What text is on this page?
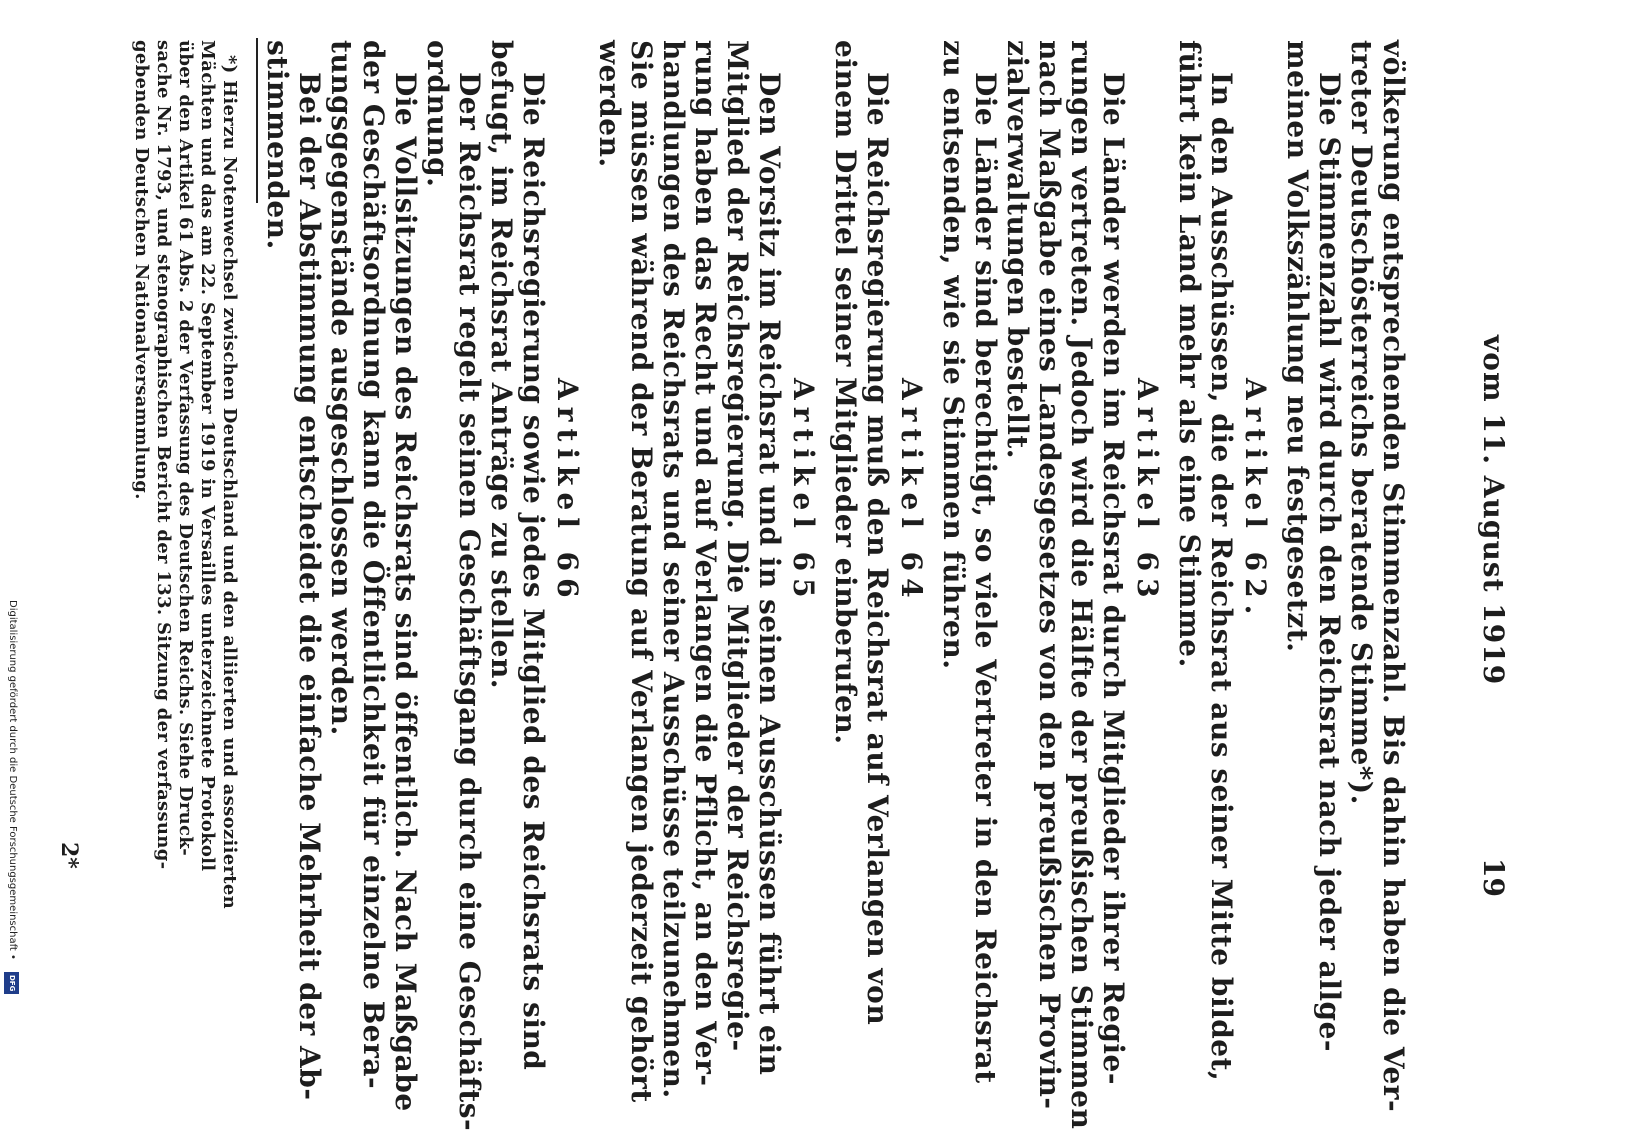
vom 11. August 1919
19
völkerung entsprechenden Stimmenzahl. Bis dahin haben die Ver-
treter Deutschösterreichs beratende Stimme*).
Die Stimmenzahl wird durch den Reichsrat nach jeder allge-
meinen Volkszählung neu festgesetzt.
Artikel 62.
In den Ausschüssen, die der Reichsrat aus seiner Mitte bildet,
führt kein Land mehr als eine Stimme.
Artikel 63
Die Länder werden im Reichsrat durch Mitglieder ihrer Regie-
rungen vertreten. Jedoch wird die Hälfte der preußischen Stimmen
nach Maßgabe eines Landesgesetzes von den preußischen Provin-
zialverwaltungen bestellt.
Die Länder sind berechtigt, so viele Vertreter in den Reichsrat
zu entsenden, wie sie Stimmen führen.
Artikel 64
Die Reichsregierung muß den Reichsrat auf Verlangen von
einem Drittel seiner Mitglieder einberufen.
Artikel 65
Den Vorsitz im Reichsrat und in seinen Ausschüssen führt ein
Mitglied der Reichsregierung. Die Mitglieder der Reichsregie-
rung haben das Recht und auf Verlangen die Pflicht, an den Ver-
handlungen des Reichsrats und seiner Ausschüsse teilzunehmen.
Sie müssen während der Beratung auf Verlangen jederzeit gehört
werden.
Artikel 66
Die Reichsregierung sowie jedes Mitglied des Reichsrats sind
befugt, im Reichsrat Anträge zu stellen.
Der Reichsrat regelt seinen Geschäftsgang durch eine Geschäfts-
ordnung.
Die Vollsitzungen des Reichsrats sind öffentlich. Nach Maßgabe
der Geschäftsordnung kann die Öffentlichkeit für einzelne Bera-
tungsgegenstände ausgeschlossen werden.
Bei der Abstimmung entscheidet die einfache Mehrheit der Ab-
stimmenden.
*) Hierzu Notenwechsel zwischen Deutschland und den alliierten und assoziierten
Mächten und das am 22. September 1919 in Versailles unterzeichnete Protokoll
über den Artikel 61 Abs. 2 der Verfassung des Deutschen Reichs. Siehe Druck-
sache Nr. 1793, und stenographischen Bericht der 133. Sitzung der verfassung-
gebenden Deutschen Nationalversammlung.
2*
Digitalisierung gefördert durch die Deutsche Forschungsgemeinschaft •
DFG
